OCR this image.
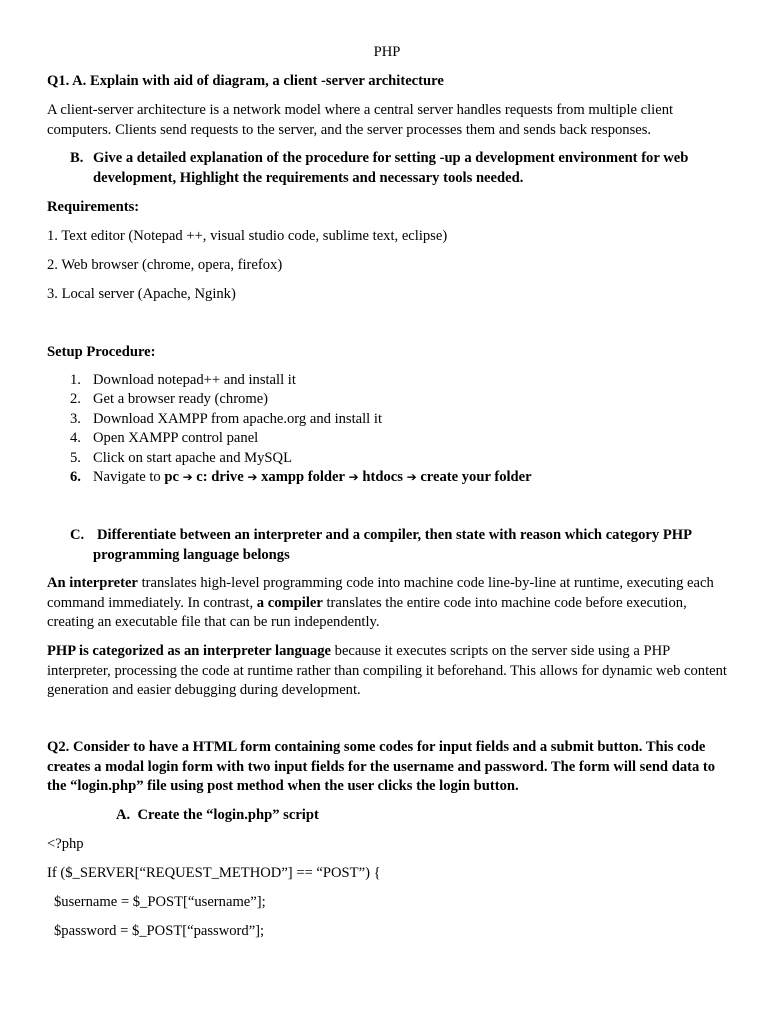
PHP
Q1. A. Explain with aid of diagram, a client -server architecture
A client-server architecture is a network model where a central server handles requests from multiple client computers. Clients send requests to the server, and the server processes them and sends back responses.
B. Give a detailed explanation of the procedure for setting -up a development environment for web development, Highlight the requirements and necessary tools needed.
Requirements:
1. Text editor (Notepad ++, visual studio code, sublime text, eclipse)
2. Web browser (chrome, opera, firefox)
3. Local server (Apache, Ngink)
Setup Procedure:
1. Download notepad++ and install it
2. Get a browser ready (chrome)
3. Download XAMPP from apache.org and install it
4. Open XAMPP control panel
5. Click on start apache and MySQL
6. Navigate to pc ➔ c: drive ➔ xampp folder ➔ htdocs ➔ create your folder
C. Differentiate between an interpreter and a compiler, then state with reason which category PHP programming language belongs
An interpreter translates high-level programming code into machine code line-by-line at runtime, executing each command immediately. In contrast, a compiler translates the entire code into machine code before execution, creating an executable file that can be run independently.
PHP is categorized as an interpreter language because it executes scripts on the server side using a PHP interpreter, processing the code at runtime rather than compiling it beforehand. This allows for dynamic web content generation and easier debugging during development.
Q2. Consider to have a HTML form containing some codes for input fields and a submit button. This code creates a modal login form with two input fields for the username and password. The form will send data to the “login.php” file using post method when the user clicks the login button.
A. Create the “login.php” script
<?php
If ($_SERVER[“REQUEST_METHOD”] == “POST”) {
$username = $_POST[“username”];
$password = $_POST[“password”];
